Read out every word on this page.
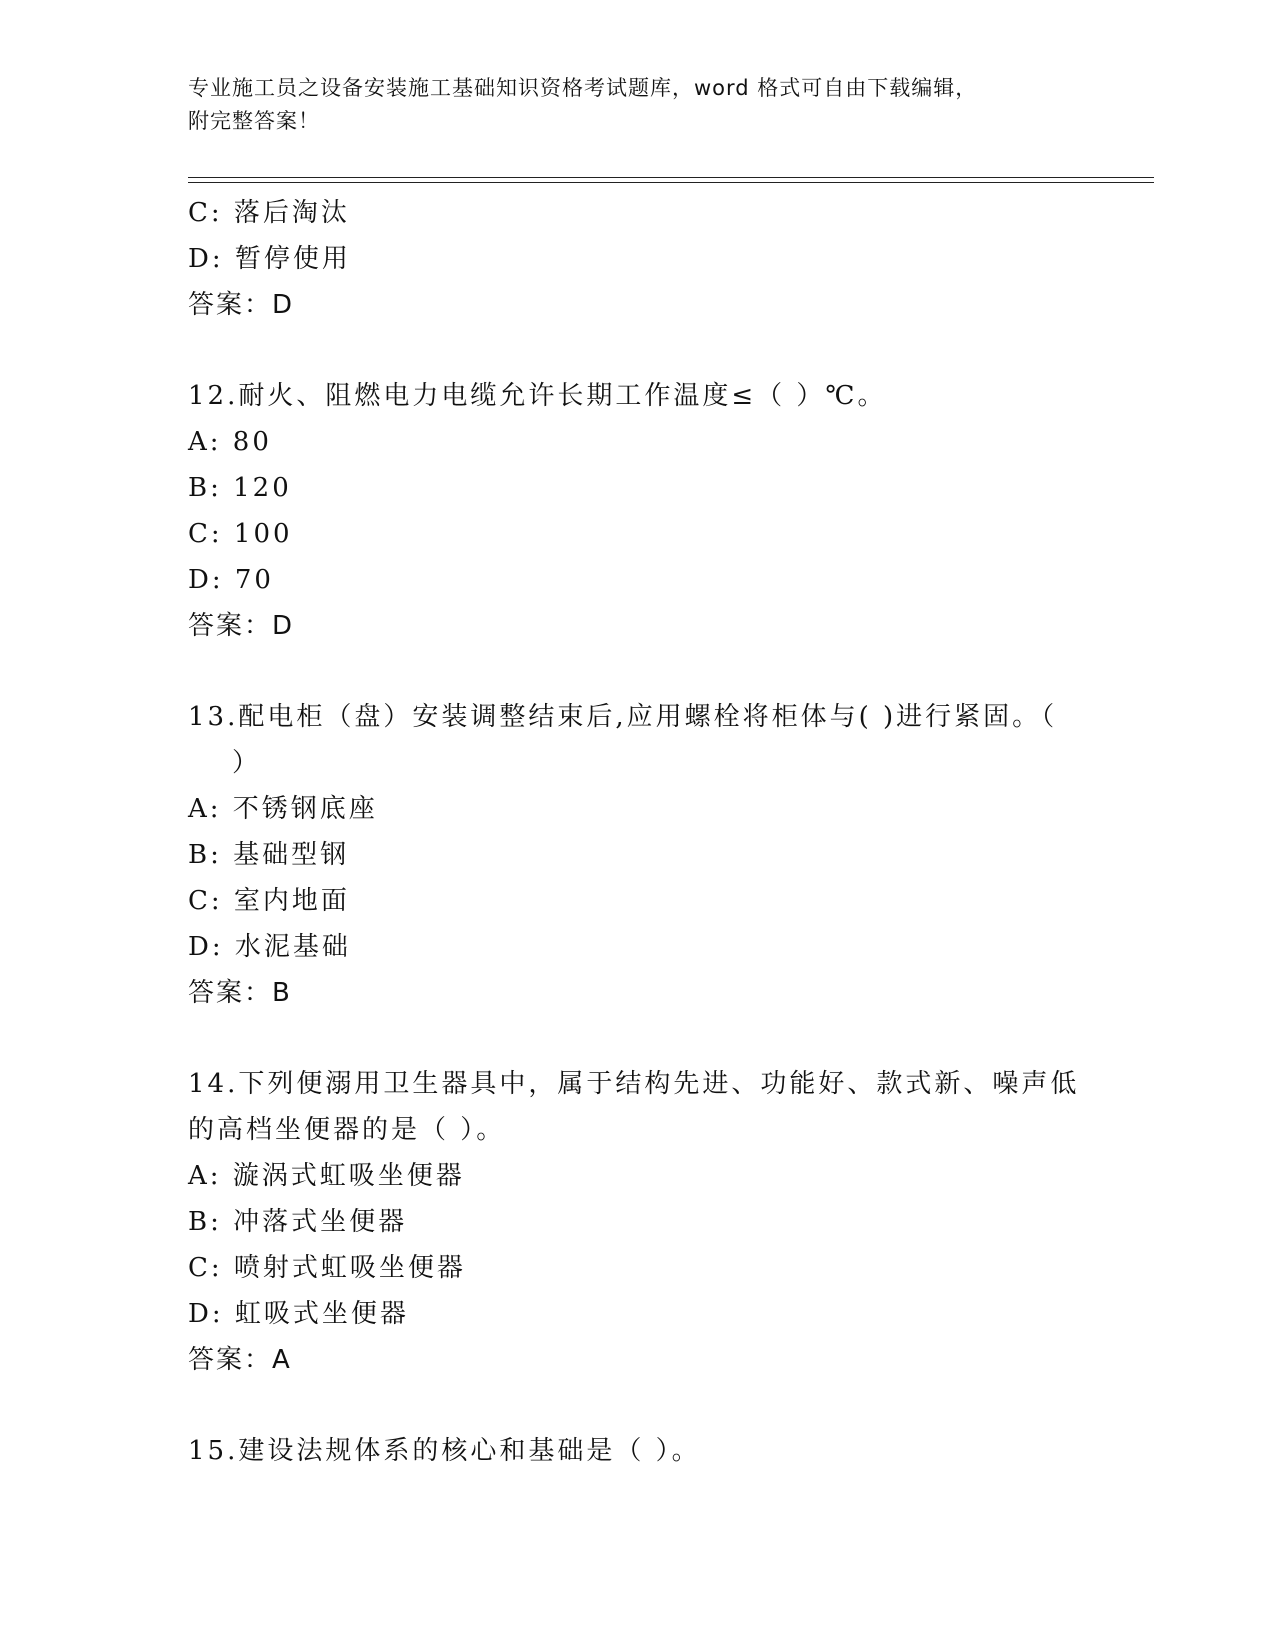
专业施工员之设备安装施工基础知识资格考试题库，word 格式可自由下载编辑，
附完整答案！
C: 落后淘汰
D: 暂停使用
答案：D
12.耐火、阻燃电力电缆允许长期工作温度≤（ ）℃。
A: 80
B: 120
C: 100
D: 70
答案：D
13.配电柜（盘）安装调整结束后,应用螺栓将柜体与( )进行紧固。（
）
A: 不锈钢底座
B: 基础型钢
C: 室内地面
D: 水泥基础
答案：B
14.下列便溺用卫生器具中，属于结构先进、功能好、款式新、噪声低
的高档坐便器的是（ ）。
A: 漩涡式虹吸坐便器
B: 冲落式坐便器
C: 喷射式虹吸坐便器
D: 虹吸式坐便器
答案：A
15.建设法规体系的核心和基础是（ ）。
